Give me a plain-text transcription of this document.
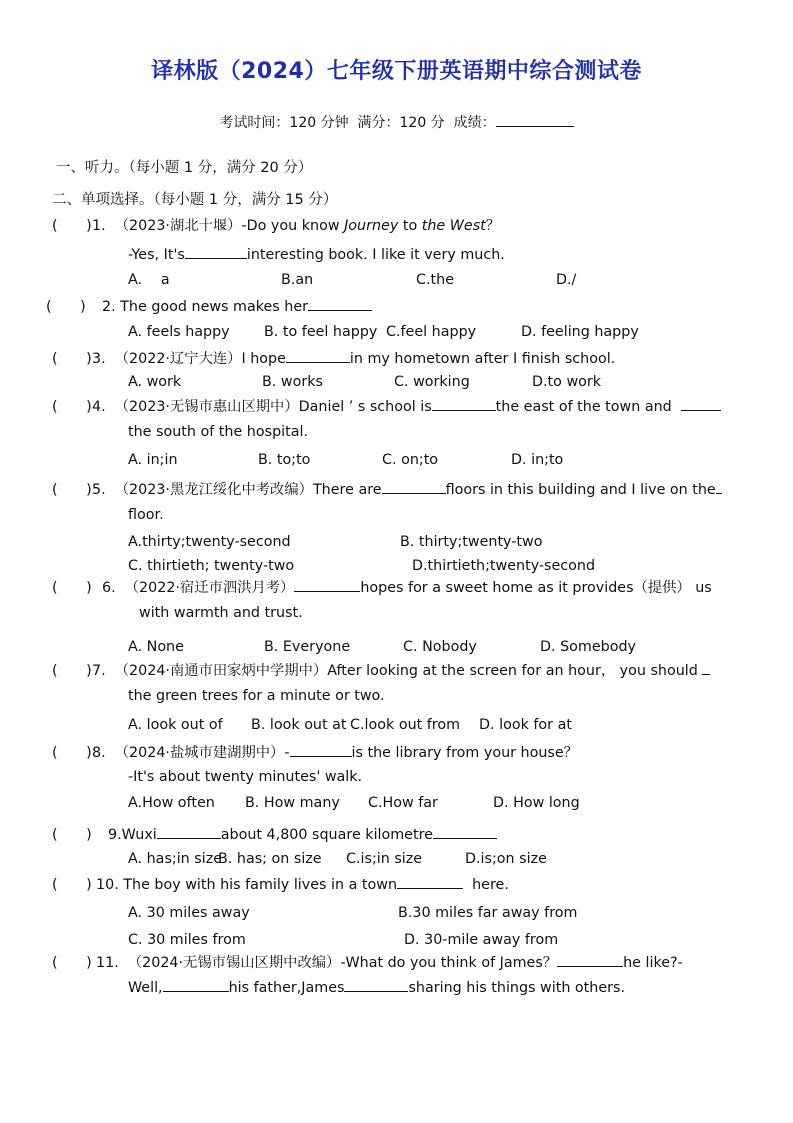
译林版（2024）七年级下册英语期中综合测试卷
考试时间：120 分钟 满分：120 分 成绩：
一、听力。（每小题 1 分，满分 20 分）
二、单项选择。（每小题 1 分，满分 15 分）
(　　)1. （2023·湖北十堰）-Do you know Journey to the West？
-Yes, It's	interesting book. I like it very much.
A.　 a	B.an	C.the	D./
(　　) 2. The good news makes her
A. feels happy B. to feel happy C.feel happy	D. feeling happy
(　　)3. （2022·辽宁大连）I hope	in my hometown after I finish school.
A. work	B. works	C. working	D.to work
(　　)4. （2023·无锡市惠山区期中）Daniel ’ s school is	the east of the town and
the south of the hospital.
A. in;in	B. to;to	C. on;to	D. in;to
(　　)5. （2023·黑龙江绥化中考改编）There are	floors in this building and I live on the
floor.
A.thirty;twenty-second	B. thirty;twenty-two
C. thirtieth; twenty-two	D.thirtieth;twenty-second
(　　) 6. （2022·宿迁市泗洪月考）	hopes for a sweet home as it provides（提供） us
with warmth and trust.
A. None	B. Everyone	C. Nobody	D. Somebody
(　　)7. （2024·南通市田家炳中学期中）After looking at the screen for an hour， you should
the green trees for a minute or two.
A. look out of B. look out at C.look out from D. look for at
(　　)8. （2024·盐城市建湖期中）-	is the library from your house？
-It's about twenty minutes' walk.
A.How often B. How many C.How far	D. How long
(　　) 9.Wuxi	about 4,800 square kilometre
A. has;in size
B. has; on size C.is;in size	D.is;on size
(　　) 10. The boy with his family lives in a town	here.
A. 30 miles away	B.30 miles far away from
C. 30 miles from	D. 30-mile away from
(　　) 11. （2024·无锡市锡山区期中改编）-What do you think of James？	he like?-
Well,	his father,James	sharing his things with others.
